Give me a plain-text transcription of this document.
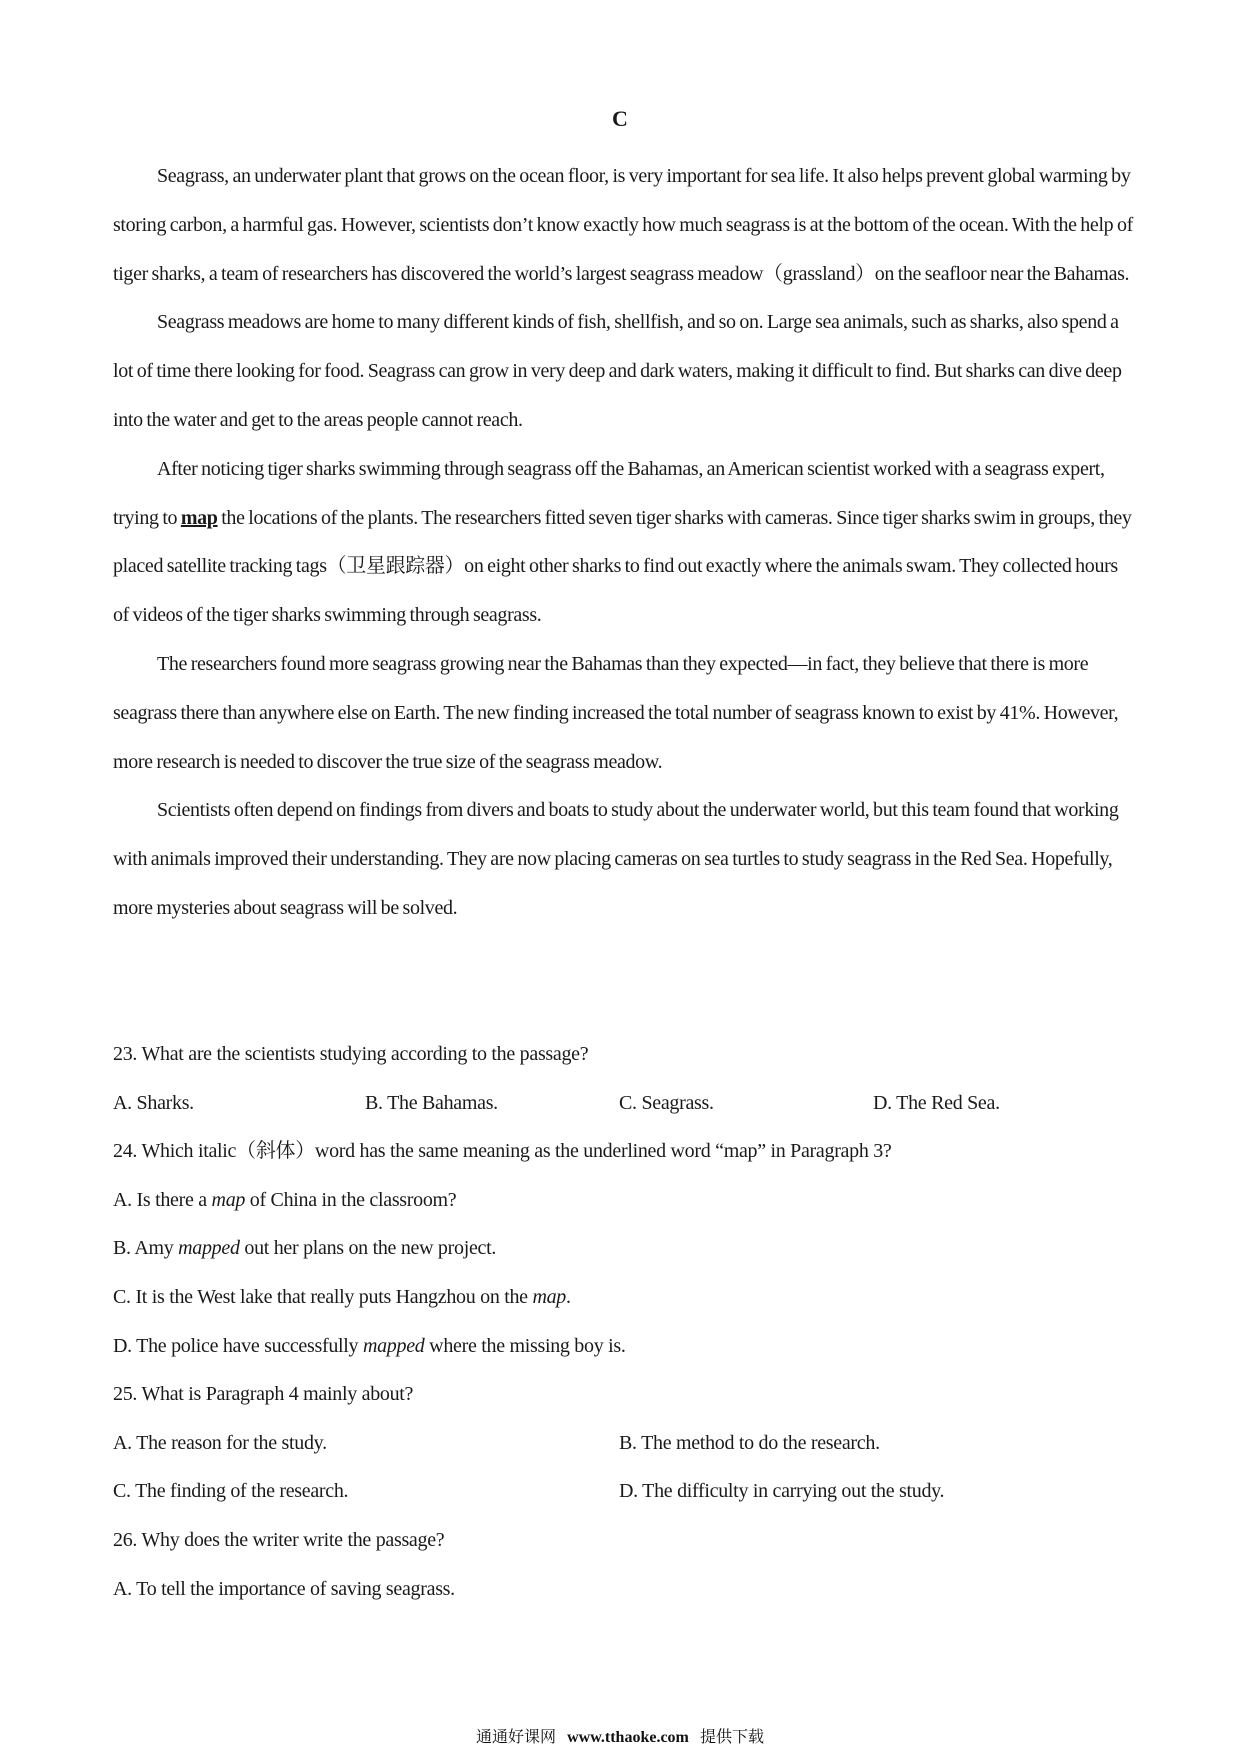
C

Seagrass, an underwater plant that grows on the ocean floor, is very important for sea life. It also helps prevent global warming by storing carbon, a harmful gas. However, scientists don’t know exactly how much seagrass is at the bottom of the ocean. With the help of tiger sharks, a team of researchers has discovered the world’s largest seagrass meadow（grassland）on the seafloor near the Bahamas.

Seagrass meadows are home to many different kinds of fish, shellfish, and so on. Large sea animals, such as sharks, also spend a lot of time there looking for food. Seagrass can grow in very deep and dark waters, making it difficult to find. But sharks can dive deep into the water and get to the areas people cannot reach.

After noticing tiger sharks swimming through seagrass off the Bahamas, an American scientist worked with a seagrass expert, trying to map the locations of the plants. The researchers fitted seven tiger sharks with cameras. Since tiger sharks swim in groups, they placed satellite tracking tags（卫星跟踪器）on eight other sharks to find out exactly where the animals swam. They collected hours of videos of the tiger sharks swimming through seagrass.

The researchers found more seagrass growing near the Bahamas than they expected—in fact, they believe that there is more seagrass there than anywhere else on Earth. The new finding increased the total number of seagrass known to exist by 41%. However, more research is needed to discover the true size of the seagrass meadow.

Scientists often depend on findings from divers and boats to study about the underwater world, but this team found that working with animals improved their understanding. They are now placing cameras on sea turtles to study seagrass in the Red Sea. Hopefully, more mysteries about seagrass will be solved.

23. What are the scientists studying according to the passage?

A. Sharks.	B. The Bahamas.	C. Seagrass.	D. The Red Sea.

24. Which italic（斜体）word has the same meaning as the underlined word “map” in Paragraph 3?

A. Is there a map of China in the classroom?

B. Amy mapped out her plans on the new project.

C. It is the West lake that really puts Hangzhou on the map.

D. The police have successfully mapped where the missing boy is.

25. What is Paragraph 4 mainly about?

A. The reason for the study.	B. The method to do the research.
C. The finding of the research.	D. The difficulty in carrying out the study.

26. Why does the writer write the passage?

A. To tell the importance of saving seagrass.

通通好课网 www.tthaoke.com 提供下载
